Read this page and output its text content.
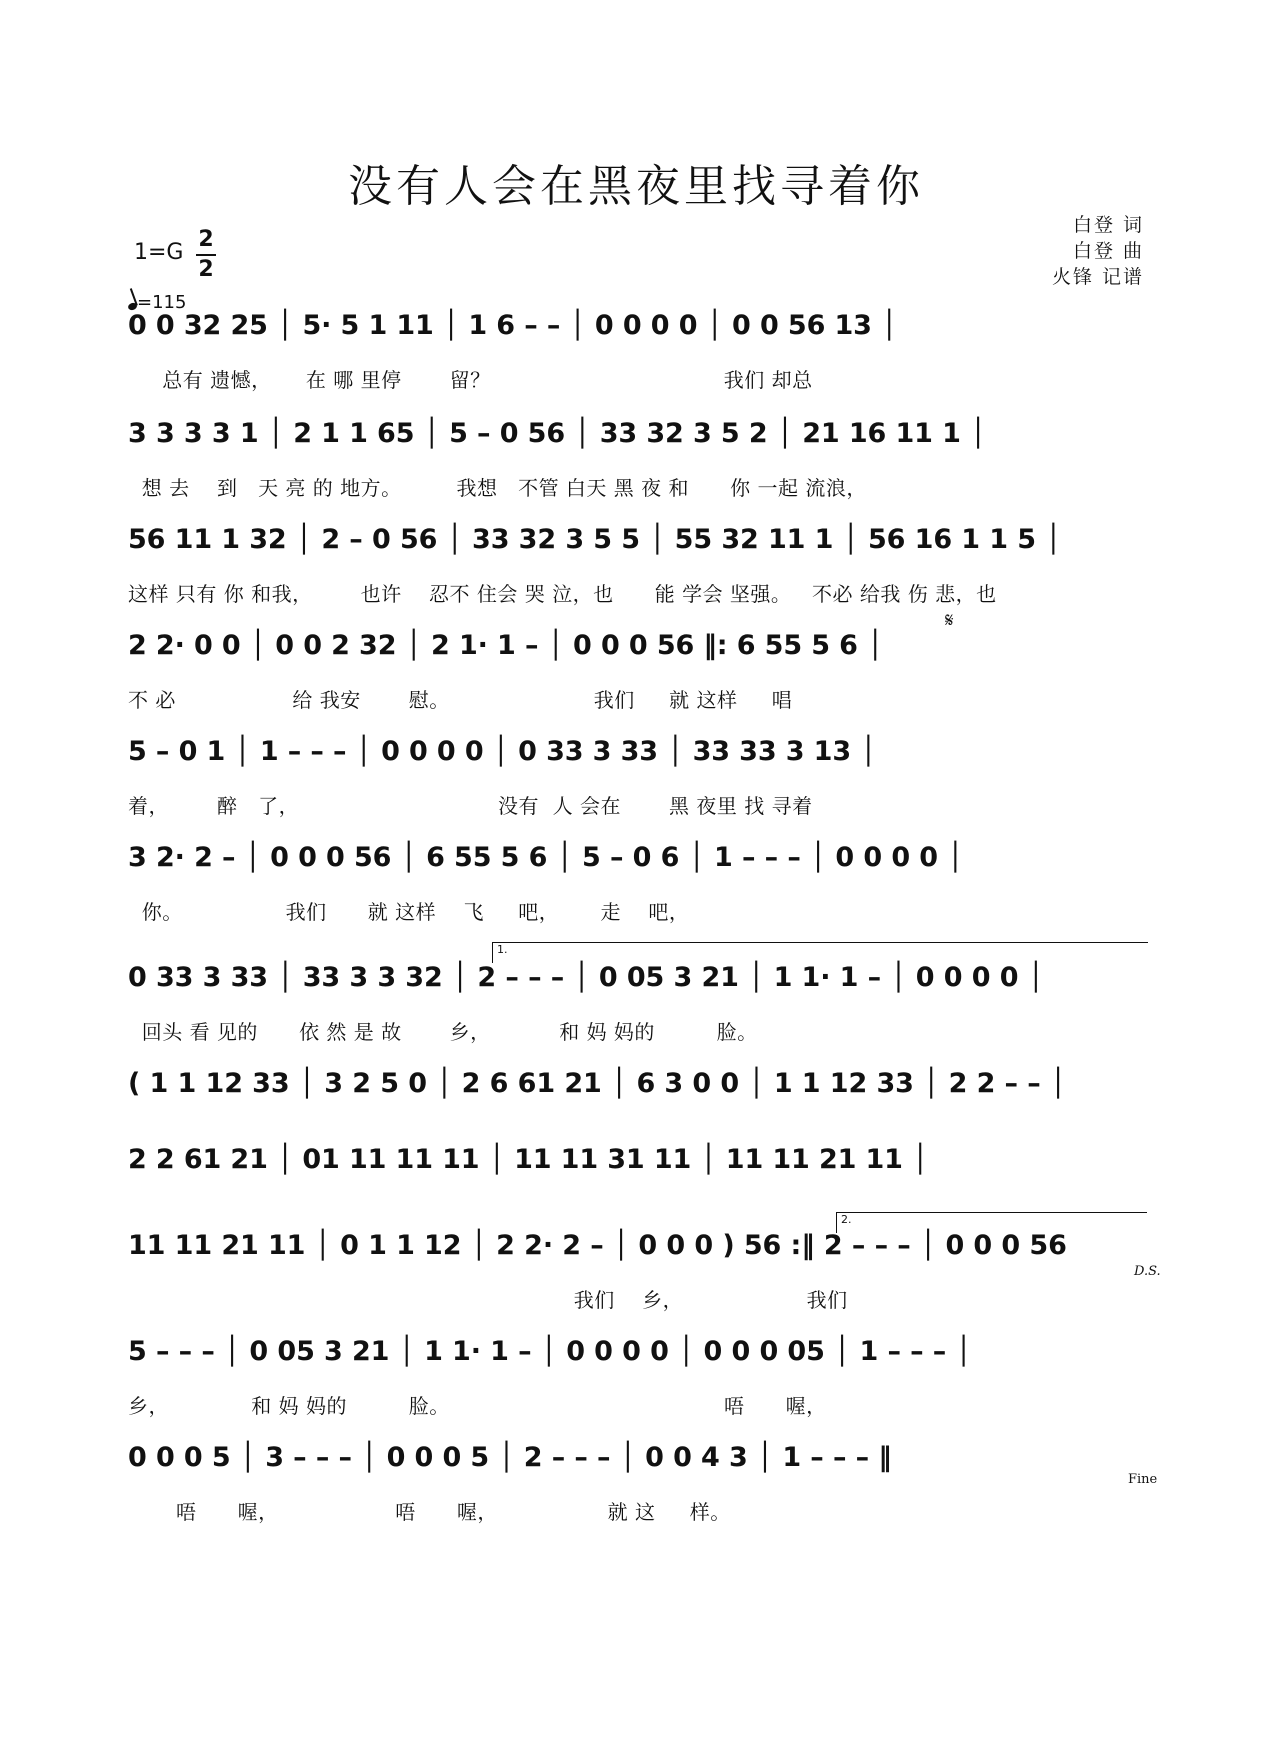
没有人会在黑夜里找寻着你
1=G
2
2
=115
白登 词
白登 曲
火锋 记谱
0 0 32 25 │ 5· 5 1 11 │ 1 6 – – │ 0 0 0 0 │ 0 0 56 13 │
总有 遗憾，     在 哪 里停       留？                                  我们 却总
3 3 3 3 1 │ 2 1 1 65 │ 5 – 0 56 │ 33 32 3 5 2 │ 21 16 11 1 │
想 去    到   天 亮 的 地方。        我想   不管 白天 黑 夜 和      你 一起 流浪，
56 11 1 32 │ 2 – 0 56 │ 33 32 3 5 5 │ 55 32 11 1 │ 56 16 1 1 5 │
这样 只有 你 和我，       也许    忍不 住会 哭 泣，也      能 学会 坚强。   不必 给我 伤 悲，也
𝄋
2 2· 0 0 │ 0 0 2 32 │ 2 1· 1 – │ 0 0 0 56 ‖: 6 55 5 6 │
不 必                 给 我安       慰。                     我们     就 这样     唱
5 – 0 1 │ 1 – – – │ 0 0 0 0 │ 0 33 3 33 │ 33 33 3 13 │
着，       醉   了，                             没有  人 会在       黑 夜里 找 寻着
3 2· 2 – │ 0 0 0 56 │ 6 55 5 6 │ 5 – 0 6 │ 1 – – – │ 0 0 0 0 │
你。               我们      就 这样    飞     吧，      走    吧，
1.
0 33 3 33 │ 33 3 3 32 │ 2 – – – │ 0 05 3 21 │ 1 1· 1 – │ 0 0 0 0 │
回头 看 见的      依 然 是 故       乡，          和 妈 妈的         脸。
( 1 1 12 33 │ 3 2 5 0 │ 2 6 61 21 │ 6 3 0 0 │ 1 1 12 33 │ 2 2 – – │
2 2 61 21 │ 01 11 11 11 │ 11 11 31 11 │ 11 11 21 11 │
2.
11 11 21 11 │ 0 1 1 12 │ 2 2· 2 – │ 0 0 0 ) 56 :‖ 2 – – – │ 0 0 0 56
我们    乡，                  我们
D.S.
5 – – – │ 0 05 3 21 │ 1 1· 1 – │ 0 0 0 0 │ 0 0 0 05 │ 1 – – – │
乡，            和 妈 妈的         脸。                                        唔      喔，
0 0 0 5 │ 3 – – – │ 0 0 0 5 │ 2 – – – │ 0 0 4 3 │ 1 – – – ‖
唔      喔，                 唔      喔，                就 这     样。
Fine
